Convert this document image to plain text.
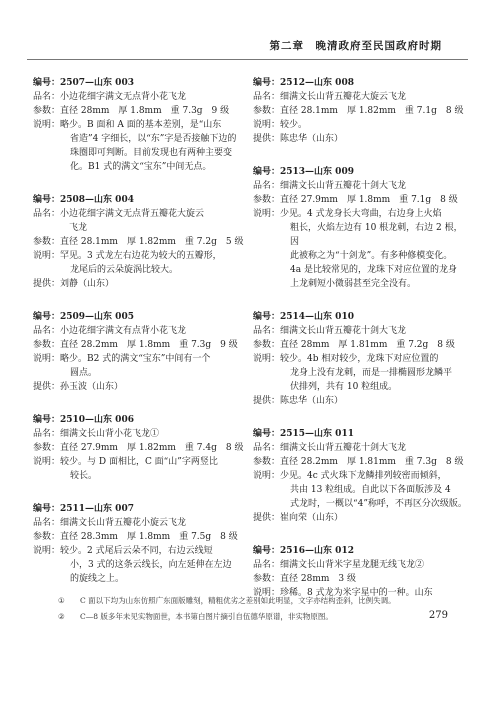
第二章　晚清政府至民国政府时期
编号：2507—山东 003
品名：小边花细字满文无点背小花飞龙
参数：直径 28mm　厚 1.8mm　重 7.3g　9 级
说明：略少。B 面和 A 面的基本差别，是“山东
省造”4 字细长，以“东”字是否接触下边的
珠圈即可判断。目前发现也有两种主要变
化。B1 式的满文“宝东”中间无点。
编号：2508—山东 004
品名：小边花细字满文无点背五瓣花大旋云
飞龙
参数：直径 28.1mm　厚 1.82mm　重 7.2g　5 级
说明：罕见。3 式龙左右边花为较大的五瓣形，
龙尾后的云朵旋涡比较大。
提供：刘静（山东）
编号：2509—山东 005
品名：小边花细字满文有点背小花飞龙
参数：直径 28.2mm　厚 1.8mm　重 7.3g　9 级
说明：略少。B2 式的满文“宝东”中间有一个
圆点。
提供：孙玉波（山东）
编号：2510—山东 006
品名：细满文长山背小花飞龙①
参数：直径 27.9mm　厚 1.82mm　重 7.4g　8 级
说明：较少。与 D 面相比，C 面“山”字两竖比
较长。
编号：2511—山东 007
品名：细满文长山背五瓣花小旋云飞龙
参数：直径 28.3mm　厚 1.8mm　重 7.5g　8 级
说明：较少。2 式尾后云朵不同，右边云线短
小，3 式的这条云线长，向左延伸在左边
的旋线之上。
编号：2512—山东 008
品名：细满文长山背五瓣花大旋云飞龙
参数：直径 28.1mm　厚 1.82mm　重 7.1g　8 级
说明：较少。
提供：陈忠华（山东）
编号：2513—山东 009
品名：细满文长山背五瓣花十剑大飞龙
参数：直径 27.9mm　厚 1.8mm　重 7.1g　8 级
说明：少见。4 式龙身长大弯曲，右边身上火焰
粗长，火焰左边有 10 根龙刺，右边 2 根，因
此被称之为“十剑龙”。有多种修模变化。
4a 是比较常见的，龙珠下对应位置的龙身
上龙刺短小微弱甚至完全没有。
编号：2514—山东 010
品名：细满文长山背五瓣花十剑大飞龙
参数：直径 28mm　厚 1.81mm　重 7.2g　8 级
说明：较少。4b 相对较少，龙珠下对应位置的
龙身上没有龙刺，而是一排椭圆形龙鳞平
伏排列，共有 10 粒组成。
提供：陈忠华（山东）
编号：2515—山东 011
品名：细满文长山背五瓣花十剑大飞龙
参数：直径 28.2mm　厚 1.81mm　重 7.3g　8 级
说明：少见。4c 式火珠下龙鳞排列较密而倾斜，
共由 13 粒组成。自此以下各面版涉及 4
式龙时，一概以“4”称呼，不再区分次级版。
提供：崔向荣（山东）
编号：2516—山东 012
品名：细满文长山背米字星龙腿无线飞龙②
参数：直径 28mm　3 级
说明：珍稀。8 式龙为米字星中的一种。山东
① C 面以下均为山东仿照广东面版雕刻，精粗优劣之差别如此明显，文字亦结构歪斜，比例失调。
② C—8 版多年未见实物面世，本书第白图片摘引自伍德华原谱，非实物原图。	279
